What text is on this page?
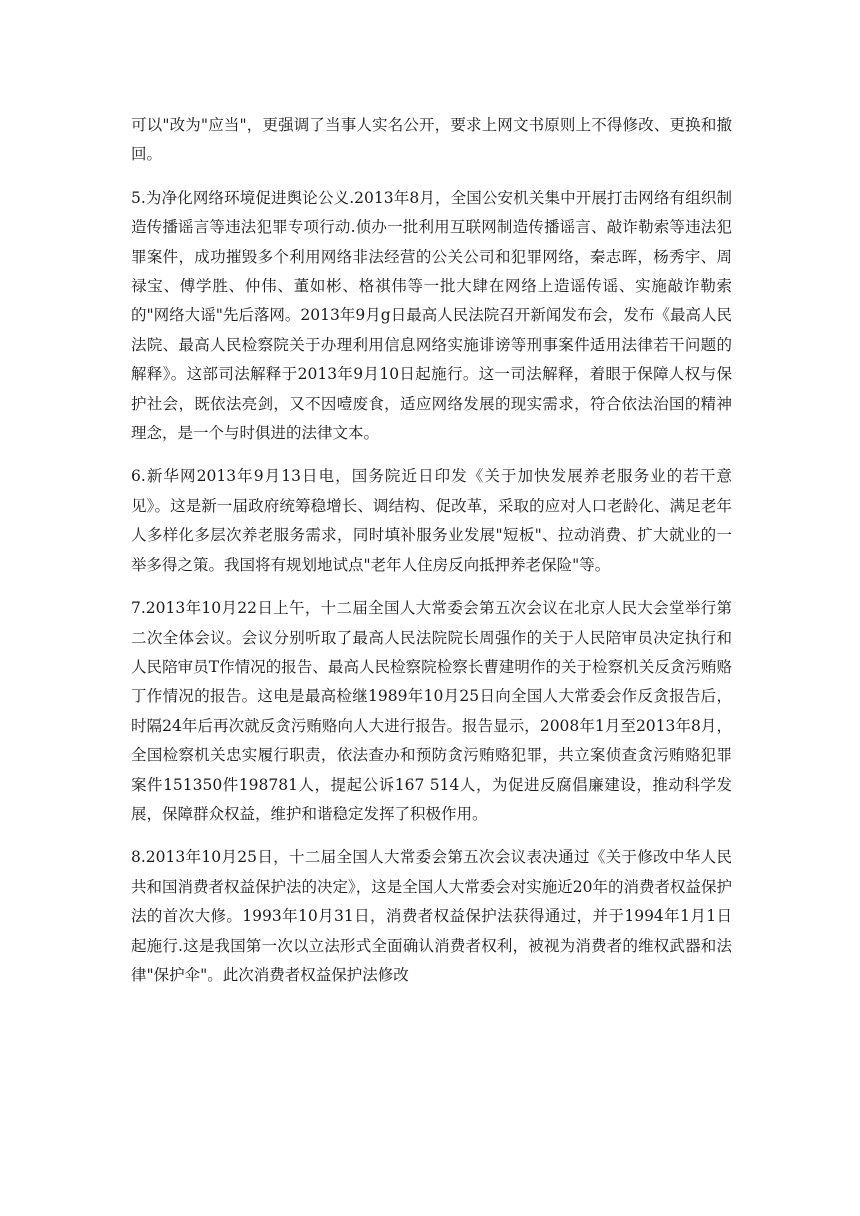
可以"改为"应当"，更强调了当事人实名公开，要求上网文书原则上不得修改、更换和撤回。

5.为净化网络环境促进舆论公义.2013年8月，全国公安机关集中开展打击网络有组织制造传播谣言等违法犯罪专项行动.侦办一批利用互联网制造传播谣言、敲诈勒索等违法犯罪案件，成功摧毁多个利用网络非法经营的公关公司和犯罪网络，秦志晖，杨秀宇、周禄宝、傅学胜、仲伟、董如彬、格祺伟等一批大肆在网络上造谣传谣、实施敲诈勒索的"网络大谣"先后落网。2013年9月g日最高人民法院召开新闻发布会，发布《最高人民法院、最高人民检察院关于办理利用信息网络实施诽谤等刑事案件适用法律若干问题的解释》。这部司法解释于2013年9月10日起施行。这一司法解释，着眼于保障人权与保护社会，既依法亮剑，又不因噎废食，适应网络发展的现实需求，符合依法治国的精神理念，是一个与时俱进的法律文本。

6.新华网2013年9月13日电，国务院近日印发《关于加快发展养老服务业的若干意见》。这是新一届政府统筹稳增长、调结构、促改革，采取的应对人口老龄化、满足老年人多样化多层次养老服务需求，同时填补服务业发展"短板"、拉动消费、扩大就业的一举多得之策。我国将有规划地试点"老年人住房反向抵押养老保险"等。

7.2013年10月22日上午，十二届全国人大常委会第五次会议在北京人民大会堂举行第二次全体会议。会议分别听取了最高人民法院院长周强作的关于人民陪审员决定执行和人民陪审员T作情况的报告、最高人民检察院检察长曹建明作的关于检察机关反贪污贿赂丁作情况的报告。这电是最高检继1989年10月25日向全国人大常委会作反贪报告后，时隔24年后再次就反贪污贿赂向人大进行报告。报告显示，2008年1月至2013年8月，全国检察机关忠实履行职责，依法查办和预防贪污贿赂犯罪，共立案侦查贪污贿赂犯罪案件151350件198781人，提起公诉167 514人，为促进反腐倡廉建设，推动科学发展，保障群众权益，维护和谐稳定发挥了积极作用。

8.2013年10月25日，十二届全国人大常委会第五次会议表决通过《关于修改中华人民共和国消费者权益保护法的决定》，这是全国人大常委会对实施近20年的消费者权益保护法的首次大修。1993年10月31日，消费者权益保护法获得通过，并于1994年1月1日起施行.这是我国第一次以立法形式全面确认消费者权利，被视为消费者的维权武器和法律"保护伞"。此次消费者权益保护法修改
